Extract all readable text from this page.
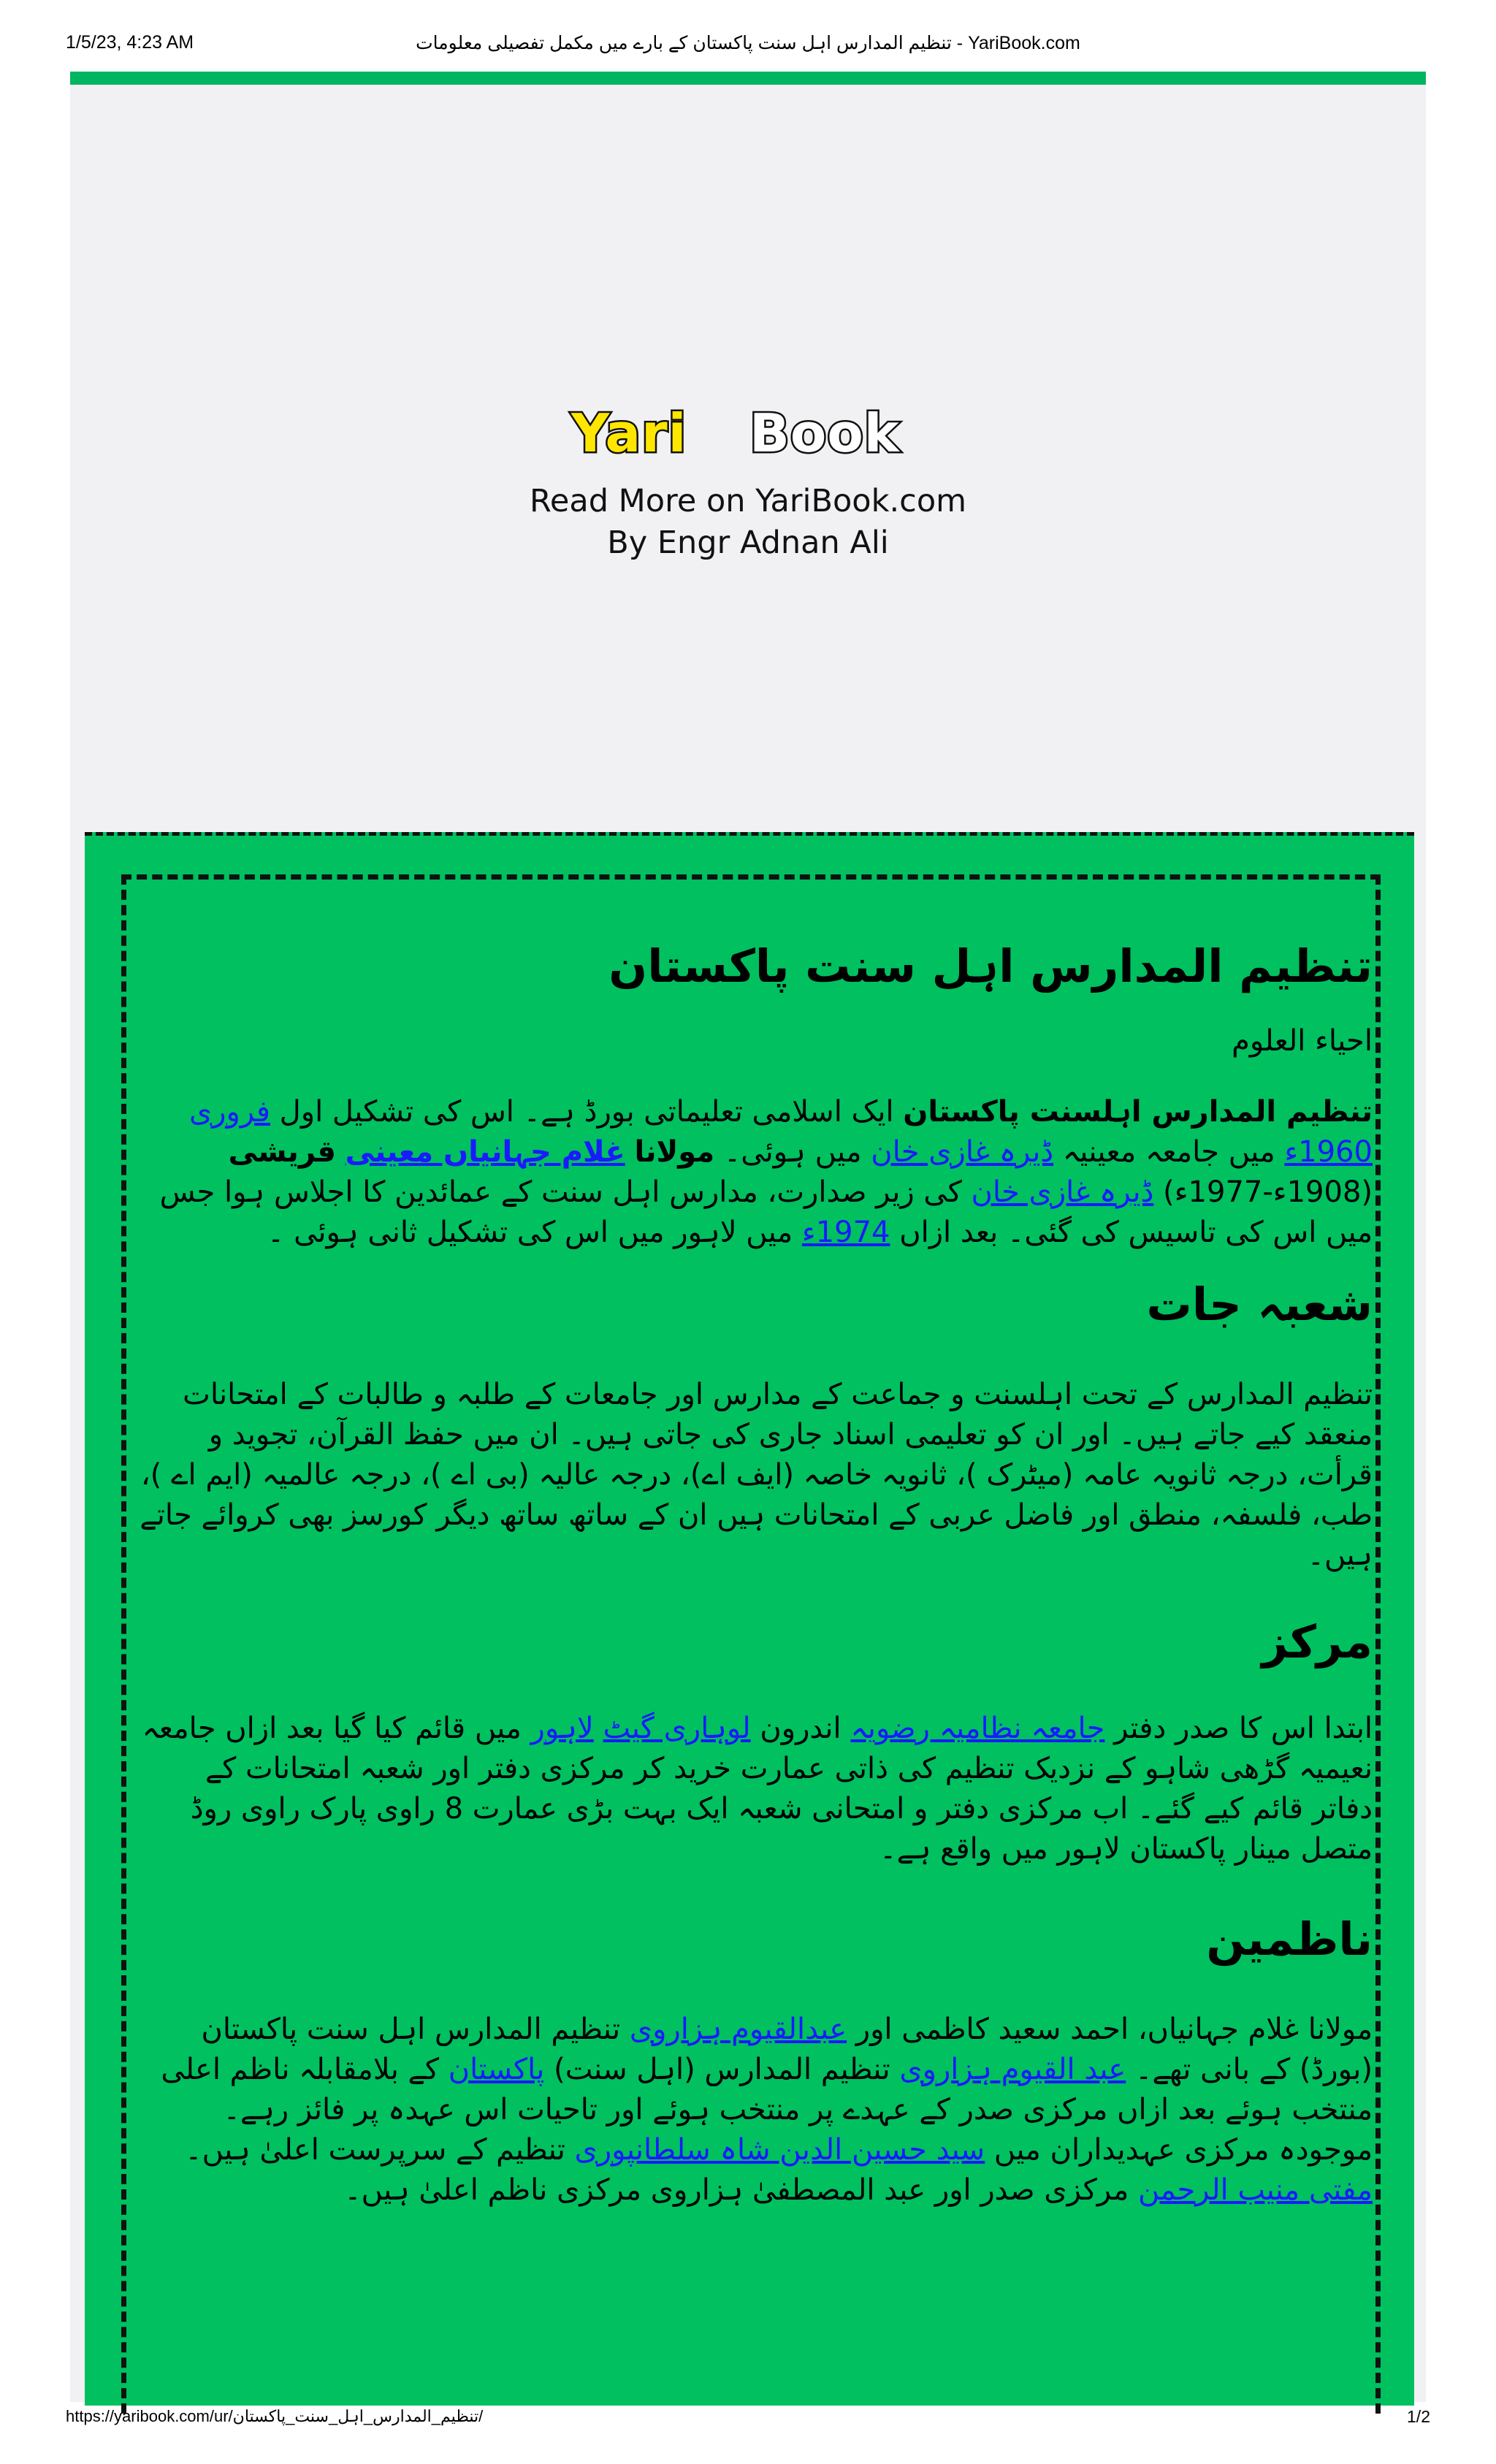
1/5/23, 4:23 AM	تنظیم المدارس اہل سنت پاکستان کے بارے میں مکمل تفصیلی معلومات - YariBook.com
Yari Book
Read More on YariBook.com
By Engr Adnan Ali
تنظیم المدارس اہل سنت پاکستان

احیاء العلوم

تنظیم المدارس اہلسنت پاکستان ایک اسلامی تعلیماتی بورڈ ہے۔ اس کی تشکیل اول فروری 1960ء میں جامعہ معینیہ ڈیرہ غازی خان میں ہوئی۔ مولانا غلام جہانیاں معینی قریشی (1908ء-1977ء) ڈیرہ غازی خان کی زیر صدارت، مدارس اہل سنت کے عمائدین کا اجلاس ہوا جس میں اس کی تاسیس کی گئی۔ بعد ازاں 1974ء میں لاہور میں اس کی تشکیل ثانی ہوئی ۔

شعبہ جات

تنظیم المدارس کے تحت اہلسنت و جماعت کے مدارس اور جامعات کے طلبہ و طالبات کے امتحانات منعقد کیے جاتے ہیں۔ اور ان کو تعلیمی اسناد جاری کی جاتی ہیں۔ ان میں حفظ القرآن، تجوید و قرأت، درجہ ثانویہ عامہ (میٹرک )، ثانویہ خاصہ (ایف اے)، درجہ عالیہ (بی اے )، درجہ عالمیہ (ایم اے )، طب، فلسفہ، منطق اور فاضل عربی کے امتحانات ہیں ان کے ساتھ ساتھ دیگر کورسز بھی کروائے جاتے ہیں۔

مرکز

ابتدا اس کا صدر دفتر جامعہ نظامیہ رضویہ اندرون لوہاری گیٹ لاہور میں قائم کیا گیا بعد ازاں جامعہ نعیمیہ گڑھی شاہو کے نزدیک تنظیم کی ذاتی عمارت خرید کر مرکزی دفتر اور شعبہ امتحانات کے دفاتر قائم کیے گئے۔ اب مرکزی دفتر و امتحانی شعبہ ایک بہت بڑی عمارت 8 راوی پارک راوی روڈ متصل مینار پاکستان لاہور میں واقع ہے۔

ناظمین

مولانا غلام جہانیاں، احمد سعید کاظمی اور عبدالقیوم ہزاروی تنظیم المدارس اہل سنت پاکستان (بورڈ) کے بانی تھے۔ عبد القیوم ہزاروی تنظیم المدارس (اہل سنت) پاکستان کے بلامقابلہ ناظم اعلی منتخب ہوئے بعد ازاں مرکزی صدر کے عہدے پر منتخب ہوئے اور تاحیات اس عہدہ پر فائز رہے۔ موجودہ مرکزی عہدیداران میں سید حسین الدین شاہ سلطانپوری تنظیم کے سرپرست اعلیٰ ہیں۔ مفتی منیب الرحمن مرکزی صدر اور عبد المصطفیٰ ہزاروی مرکزی ناظم اعلیٰ ہیں۔

https://yaribook.com/ur/تنظیم_المدارس_اہل_سنت_پاکستان/	1/2
